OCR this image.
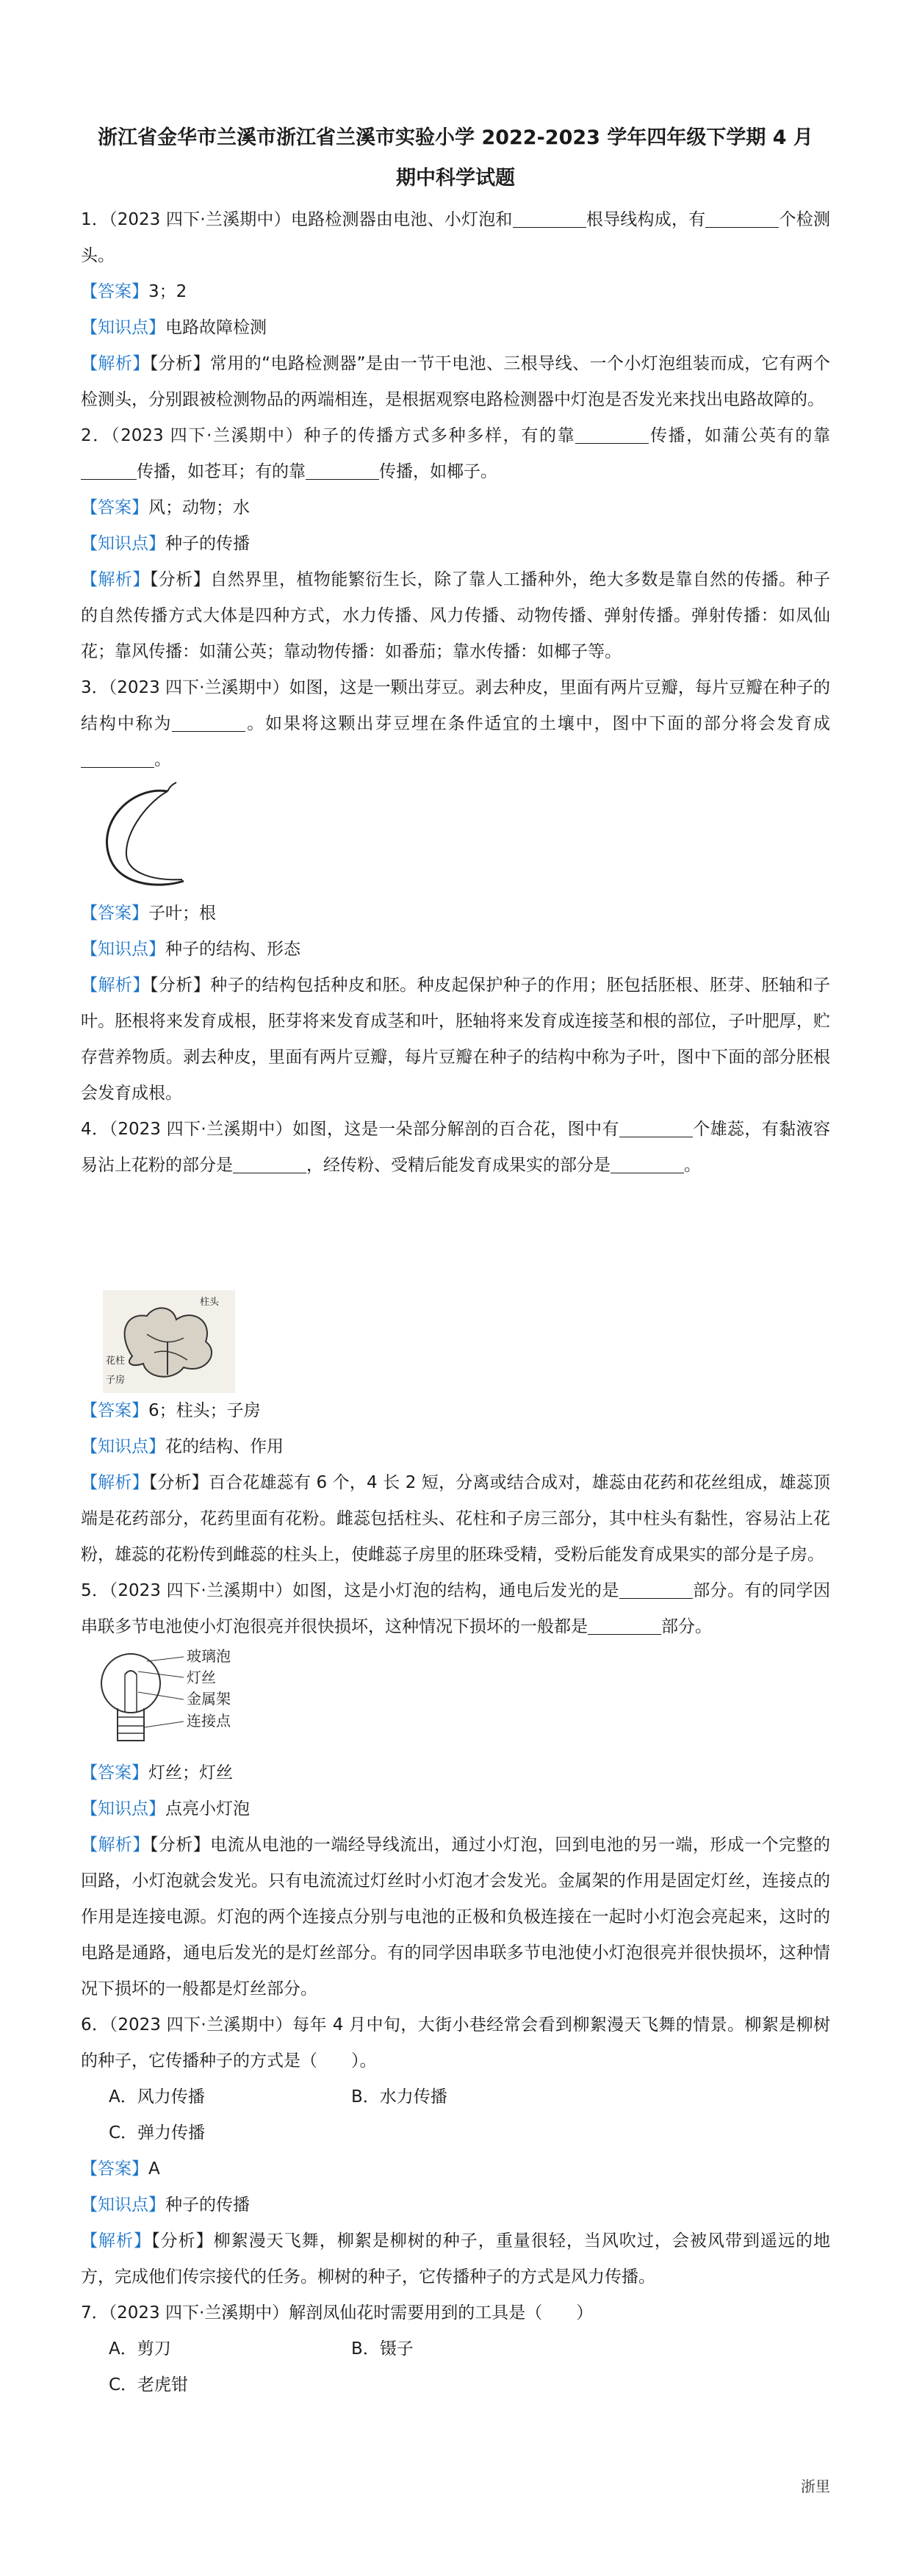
浙江省金华市兰溪市浙江省兰溪市实验小学 2022-2023 学年四年级下学期 4 月
期中科学试题
1．（2023 四下·兰溪期中）电路检测器由电池、小灯泡和	根导线构成，有	个检测头。
【答案】3；2
【知识点】电路故障检测
【解析】【分析】常用的“电路检测器”是由一节干电池、三根导线、一个小灯泡组装而成，它有两个检测头，分别跟被检测物品的两端相连，是根据观察电路检测器中灯泡是否发光来找出电路故障的。
2．（2023 四下·兰溪期中）种子的传播方式多种多样，有的靠	传播，如蒲公英有的靠传播，如苍耳；有的靠	传播，如椰子。
【答案】风；动物；水
【知识点】种子的传播
【解析】【分析】自然界里，植物能繁衍生长，除了靠人工播种外，绝大多数是靠自然的传播。种子的自然传播方式大体是四种方式，水力传播、风力传播、动物传播、弹射传播。弹射传播：如凤仙花；靠风传播：如蒲公英；靠动物传播：如番茄；靠水传播：如椰子等。
3．（2023 四下·兰溪期中）如图，这是一颗出芽豆。剥去种皮，里面有两片豆瓣，每片豆瓣在种子的结构中称为	。如果将这颗出芽豆埋在条件适宜的土壤中，图中下面的部分将会发育成。
【答案】子叶；根
【知识点】种子的结构、形态
【解析】【分析】种子的结构包括种皮和胚。种皮起保护种子的作用；胚包括胚根、胚芽、胚轴和子叶。胚根将来发育成根，胚芽将来发育成茎和叶，胚轴将来发育成连接茎和根的部位，子叶肥厚，贮存营养物质。剥去种皮，里面有两片豆瓣，每片豆瓣在种子的结构中称为子叶，图中下面的部分胚根会发育成根。
4．（2023 四下·兰溪期中）如图，这是一朵部分解剖的百合花，图中有	个雄蕊，有黏液容易沾上花粉的部分是	，经传粉、受精后能发育成果实的部分是	。
柱头
花柱
子房
【答案】6；柱头；子房
【知识点】花的结构、作用
【解析】【分析】百合花雄蕊有 6 个，4 长 2 短，分离或结合成对，雄蕊由花药和花丝组成，雄蕊顶端是花药部分，花药里面有花粉。雌蕊包括柱头、花柱和子房三部分，其中柱头有黏性，容易沾上花粉，雄蕊的花粉传到雌蕊的柱头上，使雌蕊子房里的胚珠受精，受粉后能发育成果实的部分是子房。
5．（2023 四下·兰溪期中）如图，这是小灯泡的结构，通电后发光的是	部分。有的同学因串联多节电池使小灯泡很亮并很快损坏，这种情况下损坏的一般都是	部分。
玻璃泡
灯丝
金属架
连接点
【答案】灯丝；灯丝
【知识点】点亮小灯泡
【解析】【分析】电流从电池的一端经导线流出，通过小灯泡，回到电池的另一端，形成一个完整的回路，小灯泡就会发光。只有电流流过灯丝时小灯泡才会发光。金属架的作用是固定灯丝，连接点的作用是连接电源。灯泡的两个连接点分别与电池的正极和负极连接在一起时小灯泡会亮起来，这时的电路是通路，通电后发光的是灯丝部分。有的同学因串联多节电池使小灯泡很亮并很快损坏，这种情况下损坏的一般都是灯丝部分。
6．（2023 四下·兰溪期中）每年 4 月中旬，大街小巷经常会看到柳絮漫天飞舞的情景。柳絮是柳树的种子，它传播种子的方式是（　　）。
A．风力传播	B．水力传播C．弹力传播
【答案】A
【知识点】种子的传播
【解析】【分析】柳絮漫天飞舞，柳絮是柳树的种子，重量很轻，当风吹过，会被风带到遥远的地方，完成他们传宗接代的任务。柳树的种子，它传播种子的方式是风力传播。
7．（2023 四下·兰溪期中）解剖凤仙花时需要用到的工具是（　　）
A．剪刀	B．镊子C．老虎钳
浙里
